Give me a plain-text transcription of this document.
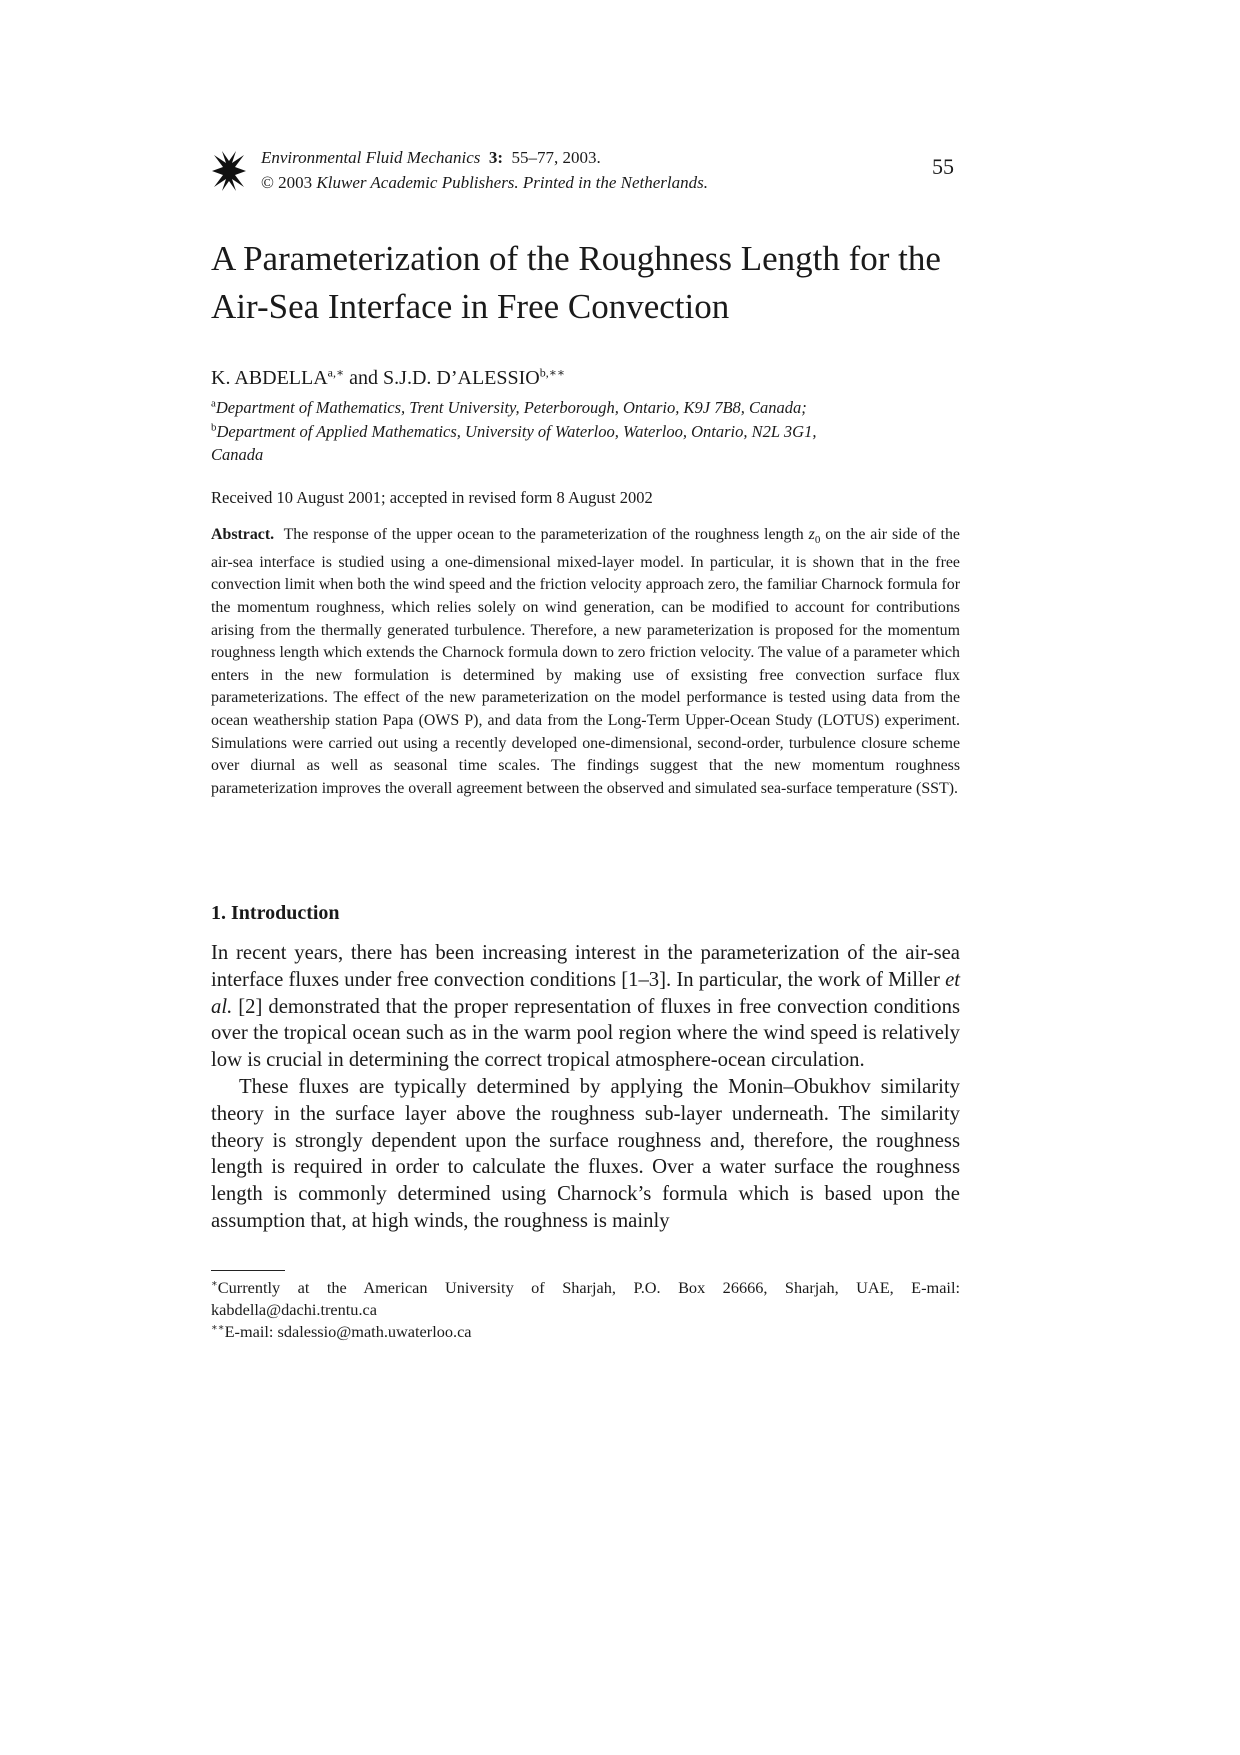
Environmental Fluid Mechanics 3: 55–77, 2003.
© 2003 Kluwer Academic Publishers. Printed in the Netherlands.
55
A Parameterization of the Roughness Length for the
Air-Sea Interface in Free Convection
K. $ABDELLA^{a,∗}$ and S.J.D. $D’ALESSIO^{b,∗∗}$
$^a$Department of Mathematics, Trent University, Peterborough, Ontario, K9J 7B8, Canada;
$^b$Department of Applied Mathematics, University of Waterloo, Waterloo, Ontario, N2L 3G1,
Canada
Received 10 August 2001; accepted in revised form 8 August 2002
Abstract. The response of the upper ocean to the parameterization of the roughness length $z_0$ on the air side of the air-sea interface is studied using a one-dimensional mixed-layer model. In particular, it is shown that in the free convection limit when both the wind speed and the friction velocity approach zero, the familiar Charnock formula for the momentum roughness, which relies solely on wind generation, can be modified to account for contributions arising from the thermally generated turbulence. Therefore, a new parameterization is proposed for the momentum roughness length which extends the Charnock formula down to zero friction velocity. The value of a parameter which enters in the new formulation is determined by making use of exsisting free convection surface flux parameterizations. The effect of the new parameterization on the model performance is tested using data from the ocean weathership station Papa (OWS P), and data from the Long-Term Upper-Ocean Study (LOTUS) experiment. Simulations were carried out using a recently developed one-dimensional, second-order, turbulence closure scheme over diurnal as well as seasonal time scales. The findings suggest that the new momentum roughness parameterization improves the overall agreement between the observed and simulated sea-surface temperature (SST).
1. Introduction

In recent years, there has been increasing interest in the parameterization of the air-sea interface fluxes under free convection conditions [1–3]. In particular, the work of Miller et al. [2] demonstrated that the proper representation of fluxes in free convection conditions over the tropical ocean such as in the warm pool region where the wind speed is relatively low is crucial in determining the correct tropical atmosphere-ocean circulation.

These fluxes are typically determined by applying the Monin–Obukhov similarity theory in the surface layer above the roughness sub-layer underneath. The similarity theory is strongly dependent upon the surface roughness and, therefore, the roughness length is required in order to calculate the fluxes. Over a water surface the roughness length is commonly determined using Charnock’s formula which is based upon the assumption that, at high winds, the roughness is mainly

∗Currently at the American University of Sharjah, P.O. Box 26666, Sharjah, UAE, E-mail: kabdella@dachi.trentu.ca

∗∗E-mail: sdalessio@math.uwaterloo.ca
